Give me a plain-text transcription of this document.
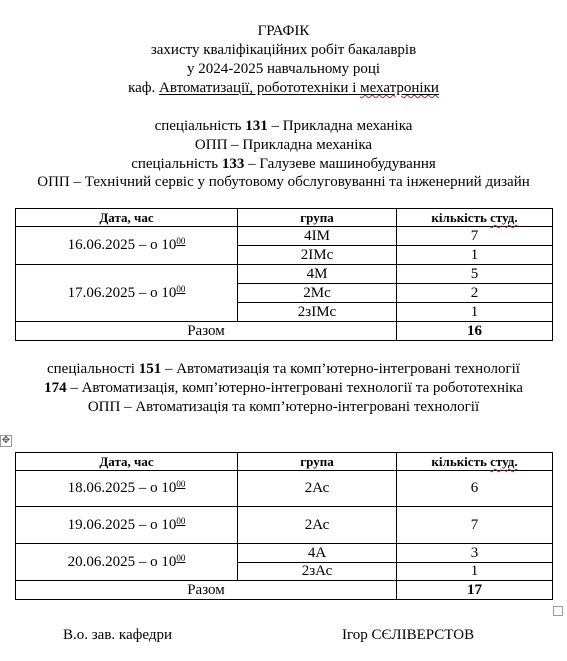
ГРАФІК
захисту кваліфікаційних робіт бакалаврів
у 2024-2025 навчальному році
каф. Автоматизації, робототехніки і мехатроніки
спеціальність 131 – Прикладна механіка
ОПП – Прикладна механіка
спеціальність 133 – Галузеве машинобудування
ОПП – Технічний сервіс у побутовому обслуговуванні та інженерний дизайн
Дата, час	група	кількість студ.
16.06.2025 – о $10^{00}$	4ІМ	7
	2ІМс	1
17.06.2025 – о $10^{00}$	4М	5
	2Мс	2
	2зІМс	1
Разом		16
спеціальності 151 – Автоматизація та комп’ютерно-інтегровані технології
174 – Автоматизація, комп’ютерно-інтегровані технології та робототехніка
ОПП – Автоматизація та комп’ютерно-інтегровані технології
✥
Дата, час	група	кількість студ.
18.06.2025 – о $10^{00}$	2Ас	6
19.06.2025 – о $10^{00}$	2Ас	7
20.06.2025 – о $10^{00}$	4А	3
	2зАс	1
Разом		17
В.о. зав. кафедри	Ігор СЄЛІВЕРСТОВ
